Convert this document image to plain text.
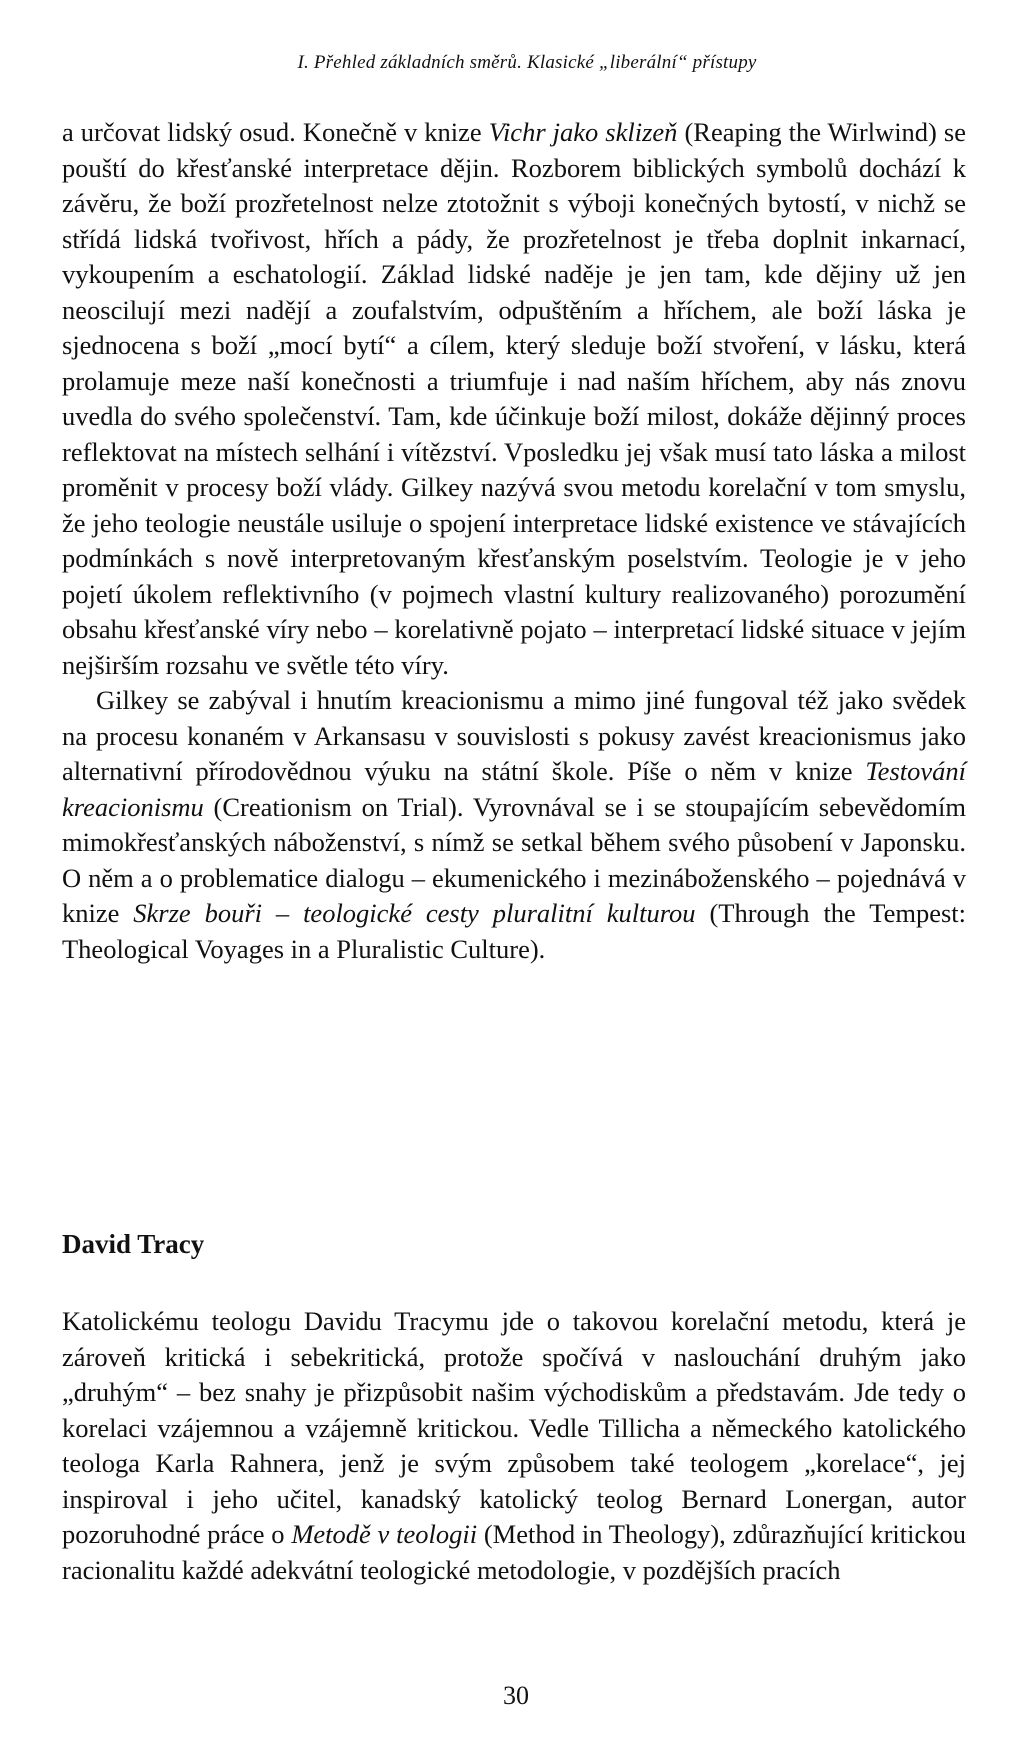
I. Přehled základních směrů. Klasické „liberální“ přístupy

a určovat lidský osud. Konečně v knize Vichr jako sklizeň (Reaping the Wirlwind) se pouští do křesťanské interpretace dějin. Rozborem biblických symbolů dochází k závěru, že boží prozřetelnost nelze ztotožnit s výboji konečných bytostí, v nichž se střídá lidská tvořivost, hřích a pády, že prozřetelnost je třeba doplnit inkarnací, vykoupením a eschatologií. Základ lidské naděje je jen tam, kde dějiny už jen neoscilují mezi nadějí a zoufalstvím, odpuštěním a hříchem, ale boží láska je sjednocena s boží „mocí bytí“ a cílem, který sleduje boží stvoření, v lásku, která prolamuje meze naší konečnosti a triumfuje i nad naším hříchem, aby nás znovu uvedla do svého společenství. Tam, kde účinkuje boží milost, dokáže dějinný proces reflektovat na místech selhání i vítězství. Vposledku jej však musí tato láska a milost proměnit v procesy boží vlády. Gilkey nazývá svou metodu korelační v tom smyslu, že jeho teologie neustále usiluje o spojení interpretace lidské existence ve stávajících podmínkách s nově interpretovaným křesťanským poselstvím. Teologie je v jeho pojetí úkolem reflektivního (v pojmech vlastní kultury realizovaného) porozumění obsahu křesťanské víry nebo – korelativně pojato – interpretací lidské situace v jejím nejširším rozsahu ve světle této víry.

Gilkey se zabýval i hnutím kreacionismu a mimo jiné fungoval též jako svědek na procesu konaném v Arkansasu v souvislosti s pokusy zavést kreacionismus jako alternativní přírodovědnou výuku na státní škole. Píše o něm v knize Testování kreacionismu (Creationism on Trial). Vyrovnával se i se stoupajícím sebevědomím mimokřesťanských náboženství, s nímž se setkal během svého působení v Japonsku. O něm a o problematice dialogu – ekumenického i mezináboženského – pojednává v knize Skrze bouři – teologické cesty pluralitní kulturou (Through the Tempest: Theological Voyages in a Pluralistic Culture).

David Tracy

Katolickému teologu Davidu Tracymu jde o takovou korelační metodu, která je zároveň kritická i sebekritická, protože spočívá v naslouchání druhým jako „druhým“ – bez snahy je přizpůsobit našim východiskům a představám. Jde tedy o korelaci vzájemnou a vzájemně kritickou. Vedle Tillicha a německého katolického teologa Karla Rahnera, jenž je svým způsobem také teologem „korelace“, jej inspiroval i jeho učitel, kanadský katolický teolog Bernard Lonergan, autor pozoruhodné práce o Metodě v teologii (Method in Theology), zdůrazňující kritickou racionalitu každé adekvátní teologické metodologie, v pozdějších pracích

30
